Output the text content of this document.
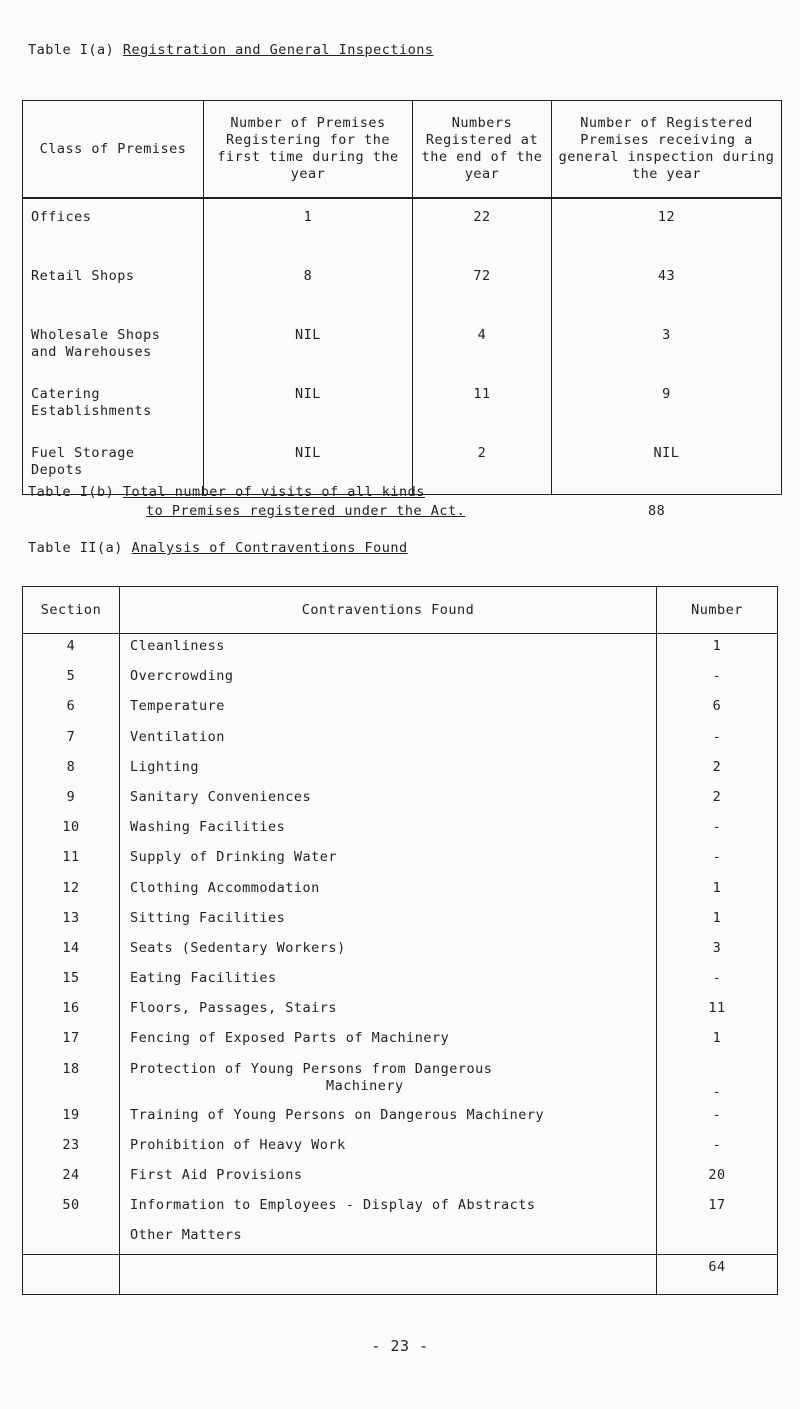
Table I(a) Registration and General Inspections
Class of Premises	Number of Premises Registering for the first time during the year	Numbers Registered at the end of the year	Number of Registered Premises receiving a general inspection during the year
Offices	1	22	12
Retail Shops	8	72	43
Wholesale Shops
and Warehouses	NIL	4	3
Catering
Establishments	NIL	11	9
Fuel Storage
Depots	NIL	2	NIL
Table I(b) Total number of visits of all kinds
to Premises registered under the Act.	88
Table II(a) Analysis of Contraventions Found
Section	Contraventions Found	Number
4	Cleanliness	1
5	Overcrowding	-
6	Temperature	6
7	Ventilation	-
8	Lighting	2
9	Sanitary Conveniences	2
10	Washing Facilities	-
11	Supply of Drinking Water	-
12	Clothing Accommodation	1
13	Sitting Facilities	1
14	Seats (Sedentary Workers)	3
15	Eating Facilities	-
16	Floors, Passages, Stairs	11
17	Fencing of Exposed Parts of Machinery	1
18	Protection of Young Persons from Dangerous
Machinery	-
19	Training of Young Persons on Dangerous Machinery	-
23	Prohibition of Heavy Work	-
24	First Aid Provisions	20
50	Information to Employees - Display of Abstracts	17
	Other Matters	
		64
- 23 -
